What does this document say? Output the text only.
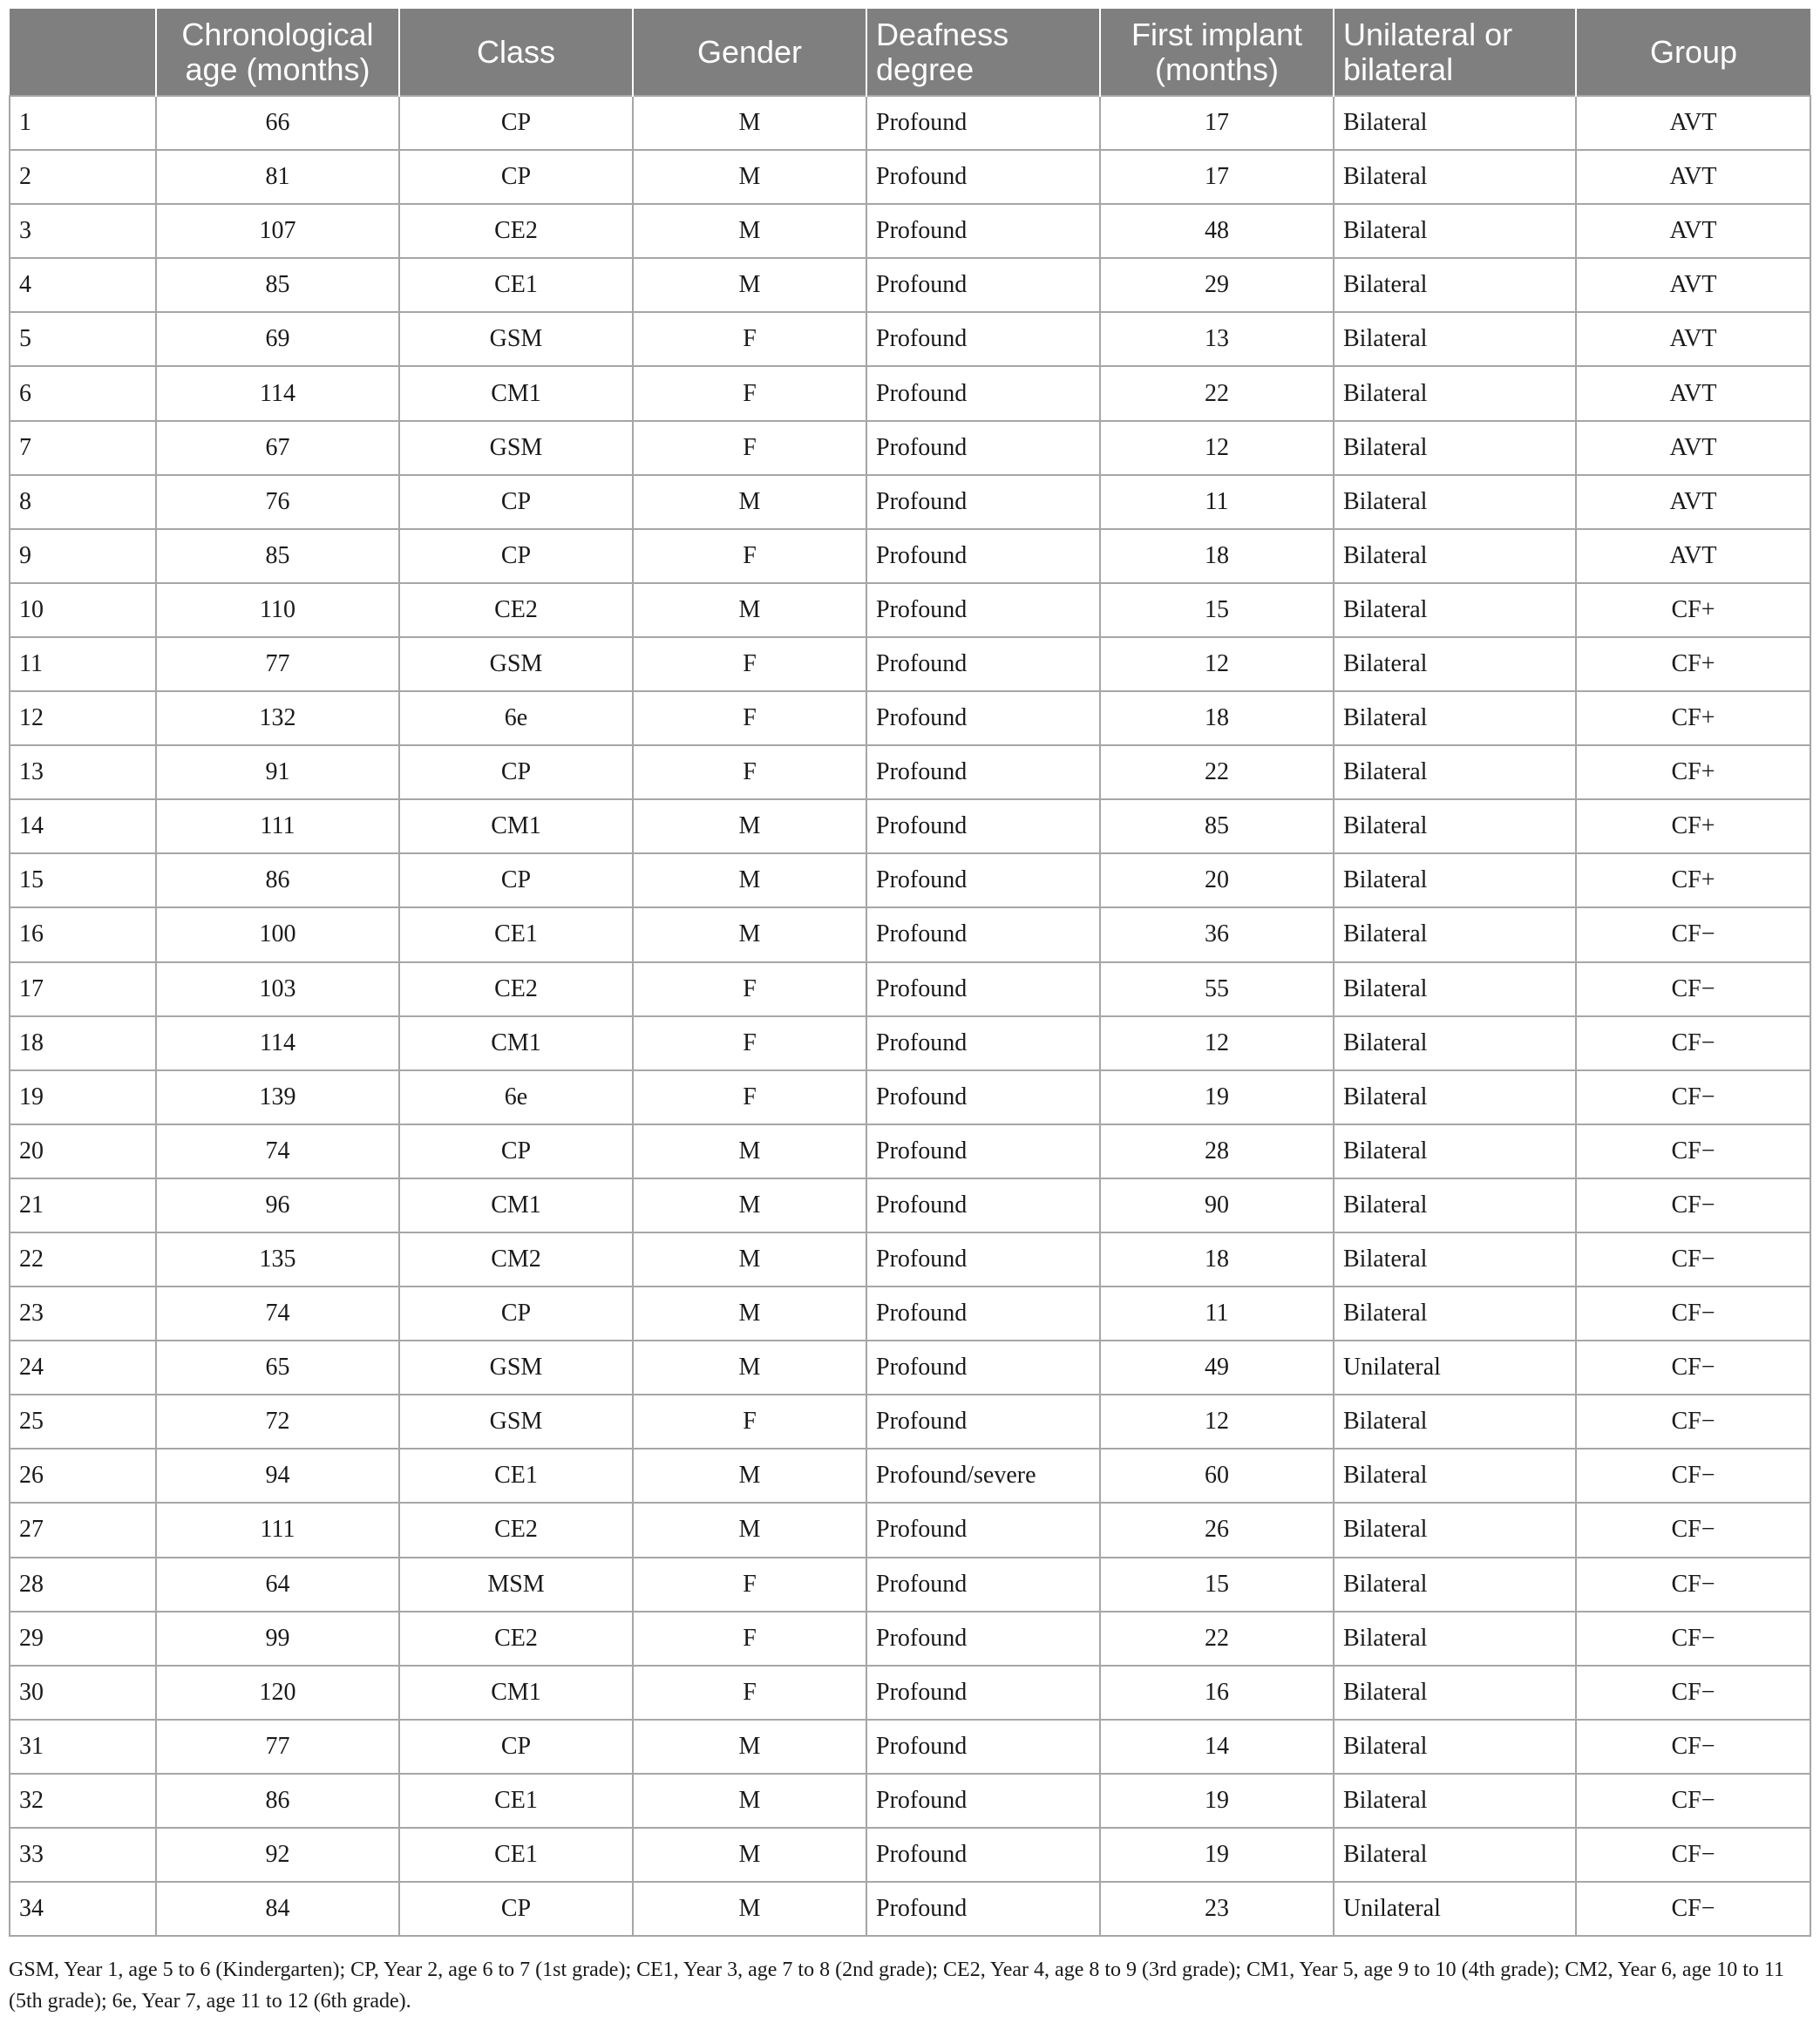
	Chronological age (months)	Class	Gender	Deafness degree	First implant (months)	Unilateral or bilateral	Group
1	66	CP	M	Profound	17	Bilateral	AVT
2	81	CP	M	Profound	17	Bilateral	AVT
3	107	CE2	M	Profound	48	Bilateral	AVT
4	85	CE1	M	Profound	29	Bilateral	AVT
5	69	GSM	F	Profound	13	Bilateral	AVT
6	114	CM1	F	Profound	22	Bilateral	AVT
7	67	GSM	F	Profound	12	Bilateral	AVT
8	76	CP	M	Profound	11	Bilateral	AVT
9	85	CP	F	Profound	18	Bilateral	AVT
10	110	CE2	M	Profound	15	Bilateral	CF+
11	77	GSM	F	Profound	12	Bilateral	CF+
12	132	6e	F	Profound	18	Bilateral	CF+
13	91	CP	F	Profound	22	Bilateral	CF+
14	111	CM1	M	Profound	85	Bilateral	CF+
15	86	CP	M	Profound	20	Bilateral	CF+
16	100	CE1	M	Profound	36	Bilateral	CF−
17	103	CE2	F	Profound	55	Bilateral	CF−
18	114	CM1	F	Profound	12	Bilateral	CF−
19	139	6e	F	Profound	19	Bilateral	CF−
20	74	CP	M	Profound	28	Bilateral	CF−
21	96	CM1	M	Profound	90	Bilateral	CF−
22	135	CM2	M	Profound	18	Bilateral	CF−
23	74	CP	M	Profound	11	Bilateral	CF−
24	65	GSM	M	Profound	49	Unilateral	CF−
25	72	GSM	F	Profound	12	Bilateral	CF−
26	94	CE1	M	Profound/severe	60	Bilateral	CF−
27	111	CE2	M	Profound	26	Bilateral	CF−
28	64	MSM	F	Profound	15	Bilateral	CF−
29	99	CE2	F	Profound	22	Bilateral	CF−
30	120	CM1	F	Profound	16	Bilateral	CF−
31	77	CP	M	Profound	14	Bilateral	CF−
32	86	CE1	M	Profound	19	Bilateral	CF−
33	92	CE1	M	Profound	19	Bilateral	CF−
34	84	CP	M	Profound	23	Unilateral	CF−
GSM, Year 1, age 5 to 6 (Kindergarten); CP, Year 2, age 6 to 7 (1st grade); CE1, Year 3, age 7 to 8 (2nd grade); CE2, Year 4, age 8 to 9 (3rd grade); CM1, Year 5, age 9 to 10 (4th grade); CM2, Year 6, age 10 to 11 (5th grade); 6e, Year 7, age 11 to 12 (6th grade).
